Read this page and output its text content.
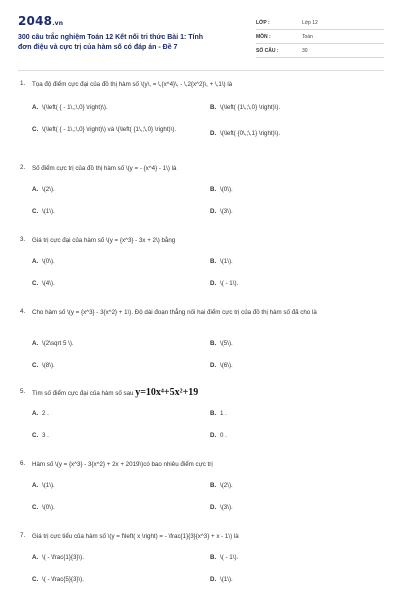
2048.vn
300 câu trắc nghiệm Toán 12 Kết nối tri thức Bài 1: Tính đơn điệu và cực trị của hàm số có đáp án - Đề 7
LỚP :	Lớp 12
MÔN :	Toán
SỐ CÂU :	30
1. Tọa độ điểm cực đại của đồ thị hàm số \(y\, = \,{x^4}\, - \,2{x^2}\, + \,1\) là
A. \(\left( { - 1\,;\,0} \right)\).	B. \(\left( {1\,;\,0} \right)\).
C. \(\left( { - 1\,;\,0} \right)\) và \(\left( {1\,;\,0} \right)\).
D. \(\left( {0\,;\,1} \right)\).
2. Số điểm cực trị của đồ thị hàm số \(y = - {x^4} - 1\) là
A. \(2\).	B. \(0\).
C. \(1\).	D. \(3\).
3. Giá trị cực đại của hàm số \(y = {x^3} - 3x + 2\) bằng
A. \(0\).	B. \(1\).
C. \(4\).	D. \( - 1\).
4. Cho hàm số \(y = {x^3} - 3{x^2} + 1\). Độ dài đoạn thẳng nối hai điểm cực trị của đồ thị hàm số đã cho là
A. \(2\sqrt 5 \).	B. \(5\).
C. \(8\).	D. \(6\).
5. Tìm số điểm cực đại của hàm số sau y=10x⁴+5x²+19
A. 2 .	B. 1 .
C. 3 .	D. 0 .
6. Hàm số \(y = {x^3} - 3{x^2} + 2x + 2019\)có bao nhiêu điểm cực trị
A. \(1\).	B. \(2\).
C. \(0\).	D. \(3\).
7. Giá trị cực tiểu của hàm số \(y = f\left( x \right) = - \frac{1}{3}{x^3} + x - 1\) là
A. \( - \frac{1}{3}\).	B. \( - 1\).
C. \( - \frac{5}{3}\).	D. \(1\).
